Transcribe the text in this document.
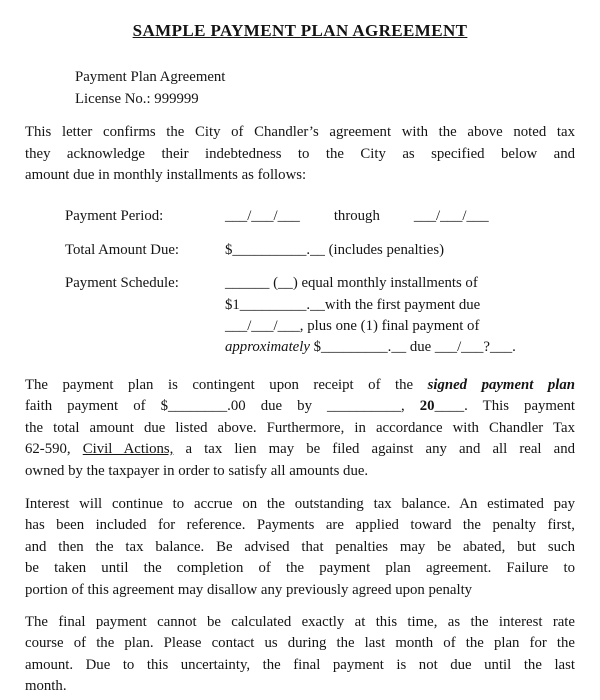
SAMPLE PAYMENT PLAN AGREEMENT
Payment Plan Agreement
License No.: 999999
This letter confirms the City of Chandler’s agreement with the above noted tax
they acknowledge their indebtedness to the City as specified below and
amount due in monthly installments as follows:
Payment Period:	___/___/___ through ___/___/___
Total Amount Due:	$__________.__ (includes penalties)
Payment Schedule:	______ (__) equal monthly installments of
$1_________.__with the first payment due
___/___/___, plus one (1) final payment of
approximately $_________.__ due ___/___?___.
The payment plan is contingent upon receipt of the signed payment plan
faith payment of $________.00 due by __________, 20____. This payment
the total amount due listed above. Furthermore, in accordance with Chandler Tax
62-590, Civil Actions, a tax lien may be filed against any and all real and
owned by the taxpayer in order to satisfy all amounts due.
Interest will continue to accrue on the outstanding tax balance. An estimated pay
has been included for reference. Payments are applied toward the penalty first,
and then the tax balance. Be advised that penalties may be abated, but such
be taken until the completion of the payment plan agreement. Failure to
portion of this agreement may disallow any previously agreed upon penalty
The final payment cannot be calculated exactly at this time, as the interest rate
course of the plan. Please contact us during the last month of the plan for the
amount. Due to this uncertainty, the final payment is not due until the last
month.
